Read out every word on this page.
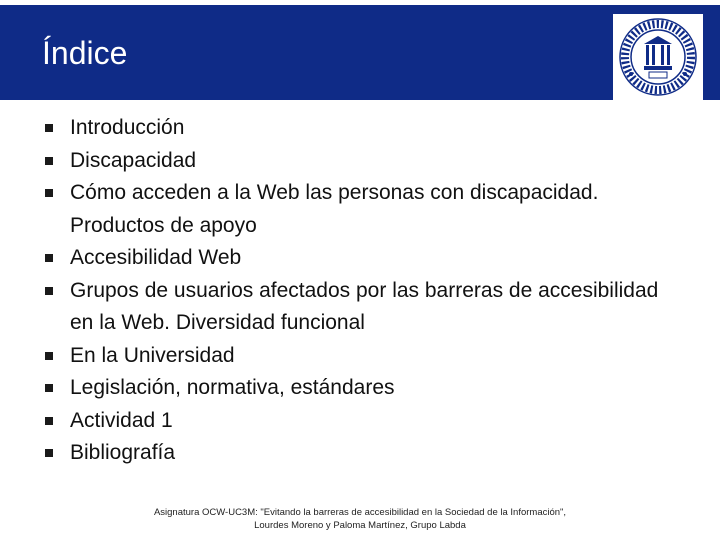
Índice
Introducción
Discapacidad
Cómo acceden a la Web las personas con discapacidad. Productos de apoyo
Accesibilidad Web
Grupos de usuarios afectados por las barreras de accesibilidad en la Web. Diversidad funcional
En la Universidad
Legislación, normativa, estándares
Actividad 1
Bibliografía
Asignatura OCW-UC3M: "Evitando la barreras de accesibilidad en la Sociedad de la Información",
Lourdes Moreno y Paloma Martínez, Grupo Labda
